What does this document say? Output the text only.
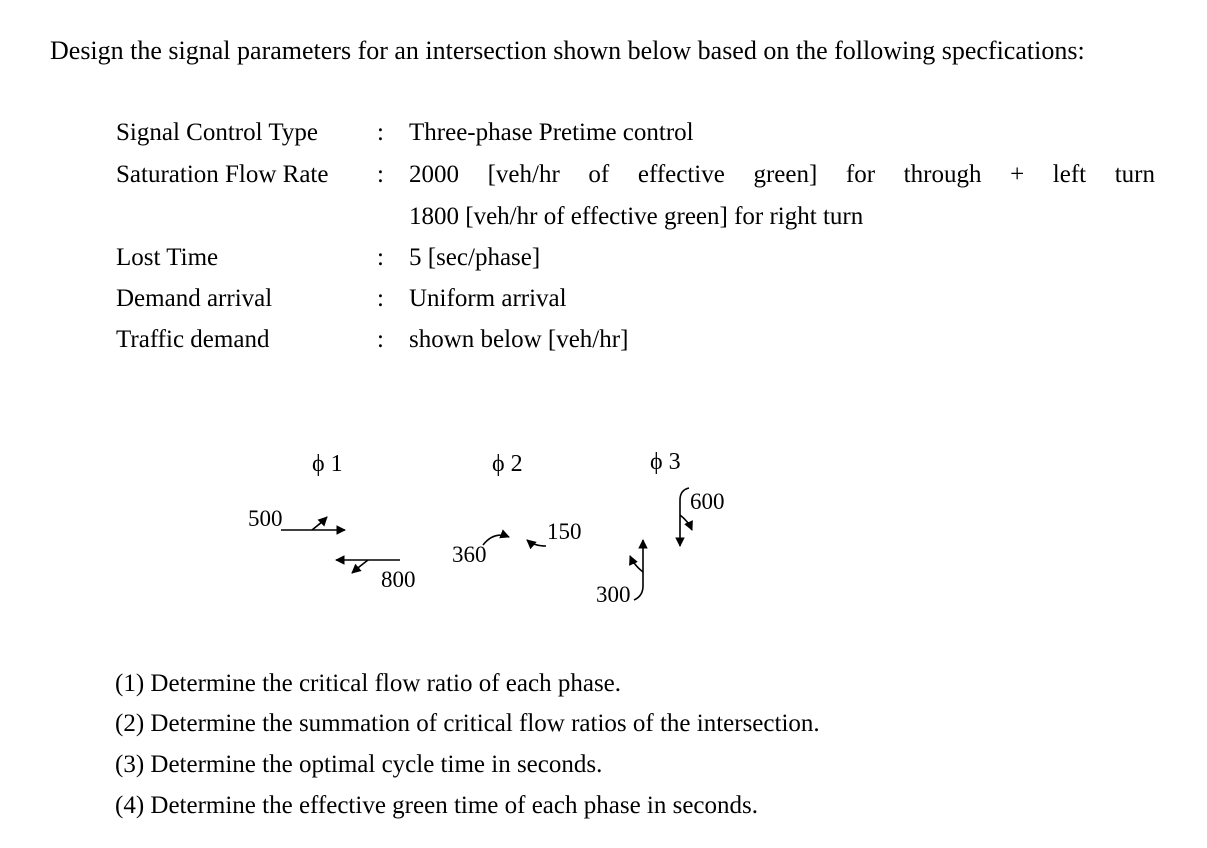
Design the signal parameters for an intersection shown below based on the following specfications:
Signal Control Type : Three-phase Pretime control
Saturation Flow Rate : 2000 [veh/hr of effective green] for through + left turn
1800 [veh/hr of effective green] for right turn
Lost Time	: 5 [sec/phase]
Demand arrival	: Uniform arrival
Traffic demand	: shown below [veh/hr]
ϕ 1	ϕ 2	ϕ 3
500
800
360
150
300
600
(1) Determine the critical flow ratio of each phase.
(2) Determine the summation of critical flow ratios of the intersection.
(3) Determine the optimal cycle time in seconds.
(4) Determine the effective green time of each phase in seconds.
